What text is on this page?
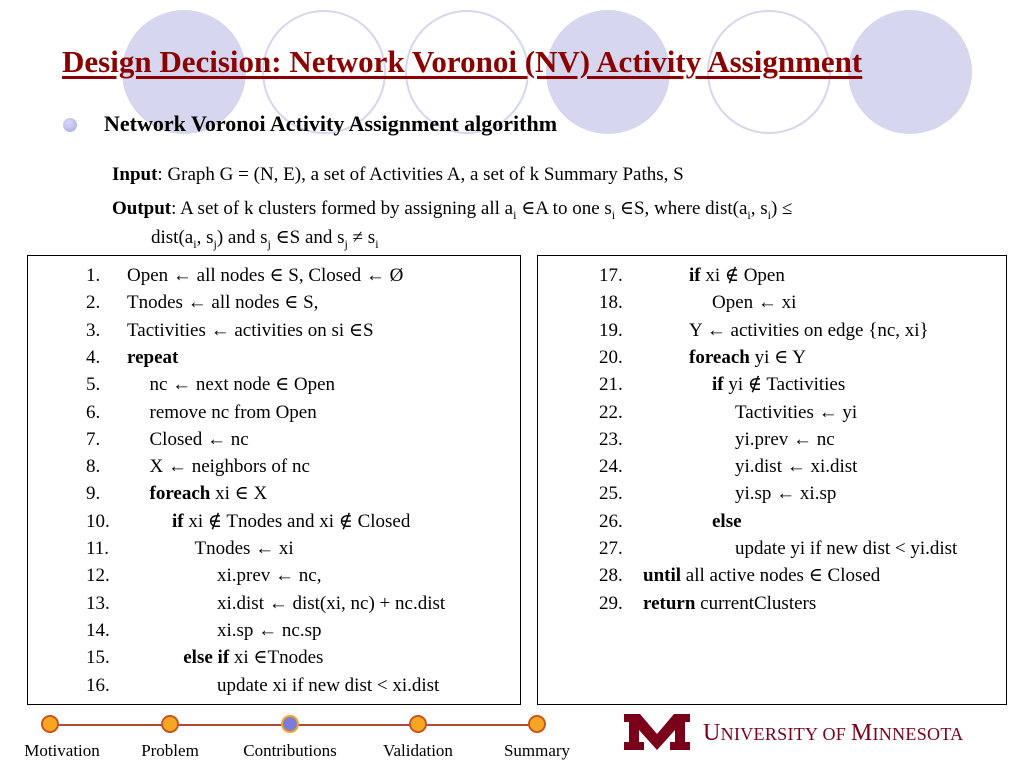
Design Decision: Network Voronoi (NV) Activity Assignment
Network Voronoi Activity Assignment algorithm
Input: Graph G = (N, E), a set of Activities A, a set of k Summary Paths, S
Output: A set of k clusters formed by assigning all $a_i$ ∈A to one $s_i$ ∈S, where $dist(a_i$, $s_i$) ≤
$dist(a_i$, $s_j$) and $s_j$ ∈S and $s_j \ne s_i$
1. Open ← all nodes ∈ S, Closed ← Ø
2. Tnodes ← all nodes ∈ S,
3. Tactivities ← activities on si ∈S
4. repeat
5.	nc ← next node ∈ Open
6.	remove nc from Open
7.	Closed ← nc
8.	X ← neighbors of nc
9.	foreach xi ∈ X
10.	if xi ∉ Tnodes and xi ∉ Closed
11.	Tnodes ← xi
12.	xi.prev ← nc,
13.	xi.dist ← dist(xi, nc) + nc.dist
14.	xi.sp ← nc.sp
15.	else if xi ∈Tnodes
16.	update xi if new dist < xi.dist
17.	if xi ∉ Open
18.	Open ← xi
19.	Y ← activities on edge {nc, xi}
20.	foreach yi ∈ Y
21.	if yi ∉ Tactivities
22.	Tactivities ← yi
23.	yi.prev ← nc
24.	yi.dist ← xi.dist
25.	yi.sp ← xi.sp
26.	else
27.	update yi if new dist < yi.dist
28. until all active nodes ∈ Closed
29. return currentClusters
Motivation Problem	Contributions	Validation	Summary
UNIVERSITY OF MINNESOTA
